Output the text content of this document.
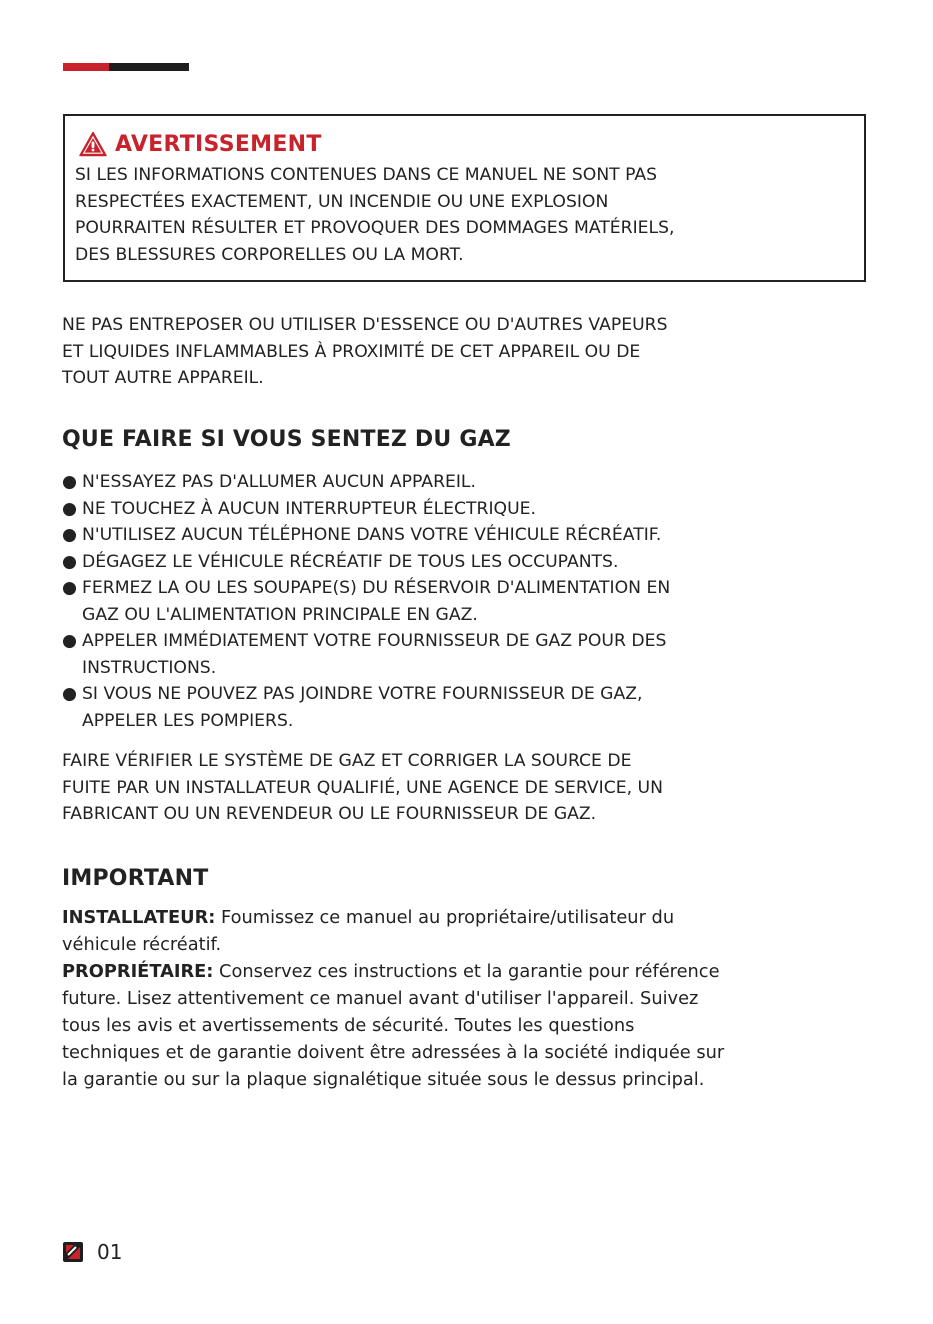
AVERTISSEMENT

SI LES INFORMATIONS CONTENUES DANS CE MANUEL NE SONT PAS

RESPECTÉES EXACTEMENT, UN INCENDIE OU UNE EXPLOSION

POURRAITEN RÉSULTER ET PROVOQUER DES DOMMAGES MATÉRIELS,

DES BLESSURES CORPORELLES OU LA MORT.

NE PAS ENTREPOSER OU UTILISER D'ESSENCE OU D'AUTRES VAPEURS

ET LIQUIDES INFLAMMABLES À PROXIMITÉ DE CET APPAREIL OU DE

TOUT AUTRE APPAREIL.

QUE FAIRE SI VOUS SENTEZ DU GAZ
● N'ESSAYEZ PAS D'ALLUMER AUCUN APPAREIL.

● NE TOUCHEZ À AUCUN INTERRUPTEUR ÉLECTRIQUE.

● N'UTILISEZ AUCUN TÉLÉPHONE DANS VOTRE VÉHICULE RÉCRÉATIF.

● DÉGAGEZ LE VÉHICULE RÉCRÉATIF DE TOUS LES OCCUPANTS.

● FERMEZ LA OU LES SOUPAPE(S) DU RÉSERVOIR D'ALIMENTATION EN

GAZ OU L'ALIMENTATION PRINCIPALE EN GAZ.

● APPELER IMMÉDIATEMENT VOTRE FOURNISSEUR DE GAZ POUR DES

INSTRUCTIONS.

● SI VOUS NE POUVEZ PAS JOINDRE VOTRE FOURNISSEUR DE GAZ,

APPELER LES POMPIERS.

FAIRE VÉRIFIER LE SYSTÈME DE GAZ ET CORRIGER LA SOURCE DE

FUITE PAR UN INSTALLATEUR QUALIFIÉ, UNE AGENCE DE SERVICE, UN

FABRICANT OU UN REVENDEUR OU LE FOURNISSEUR DE GAZ.

IMPORTANT

INSTALLATEUR: Foumissez ce manuel au propriétaire/utilisateur du

véhicule récréatif.

PROPRIÉTAIRE: Conservez ces instructions et la garantie pour référence

future. Lisez attentivement ce manuel avant d'utiliser l'appareil. Suivez

tous les avis et avertissements de sécurité. Toutes les questions

techniques et de garantie doivent être adressées à la société indiquée sur

la garantie ou sur la plaque signalétique située sous le dessus principal.

01
